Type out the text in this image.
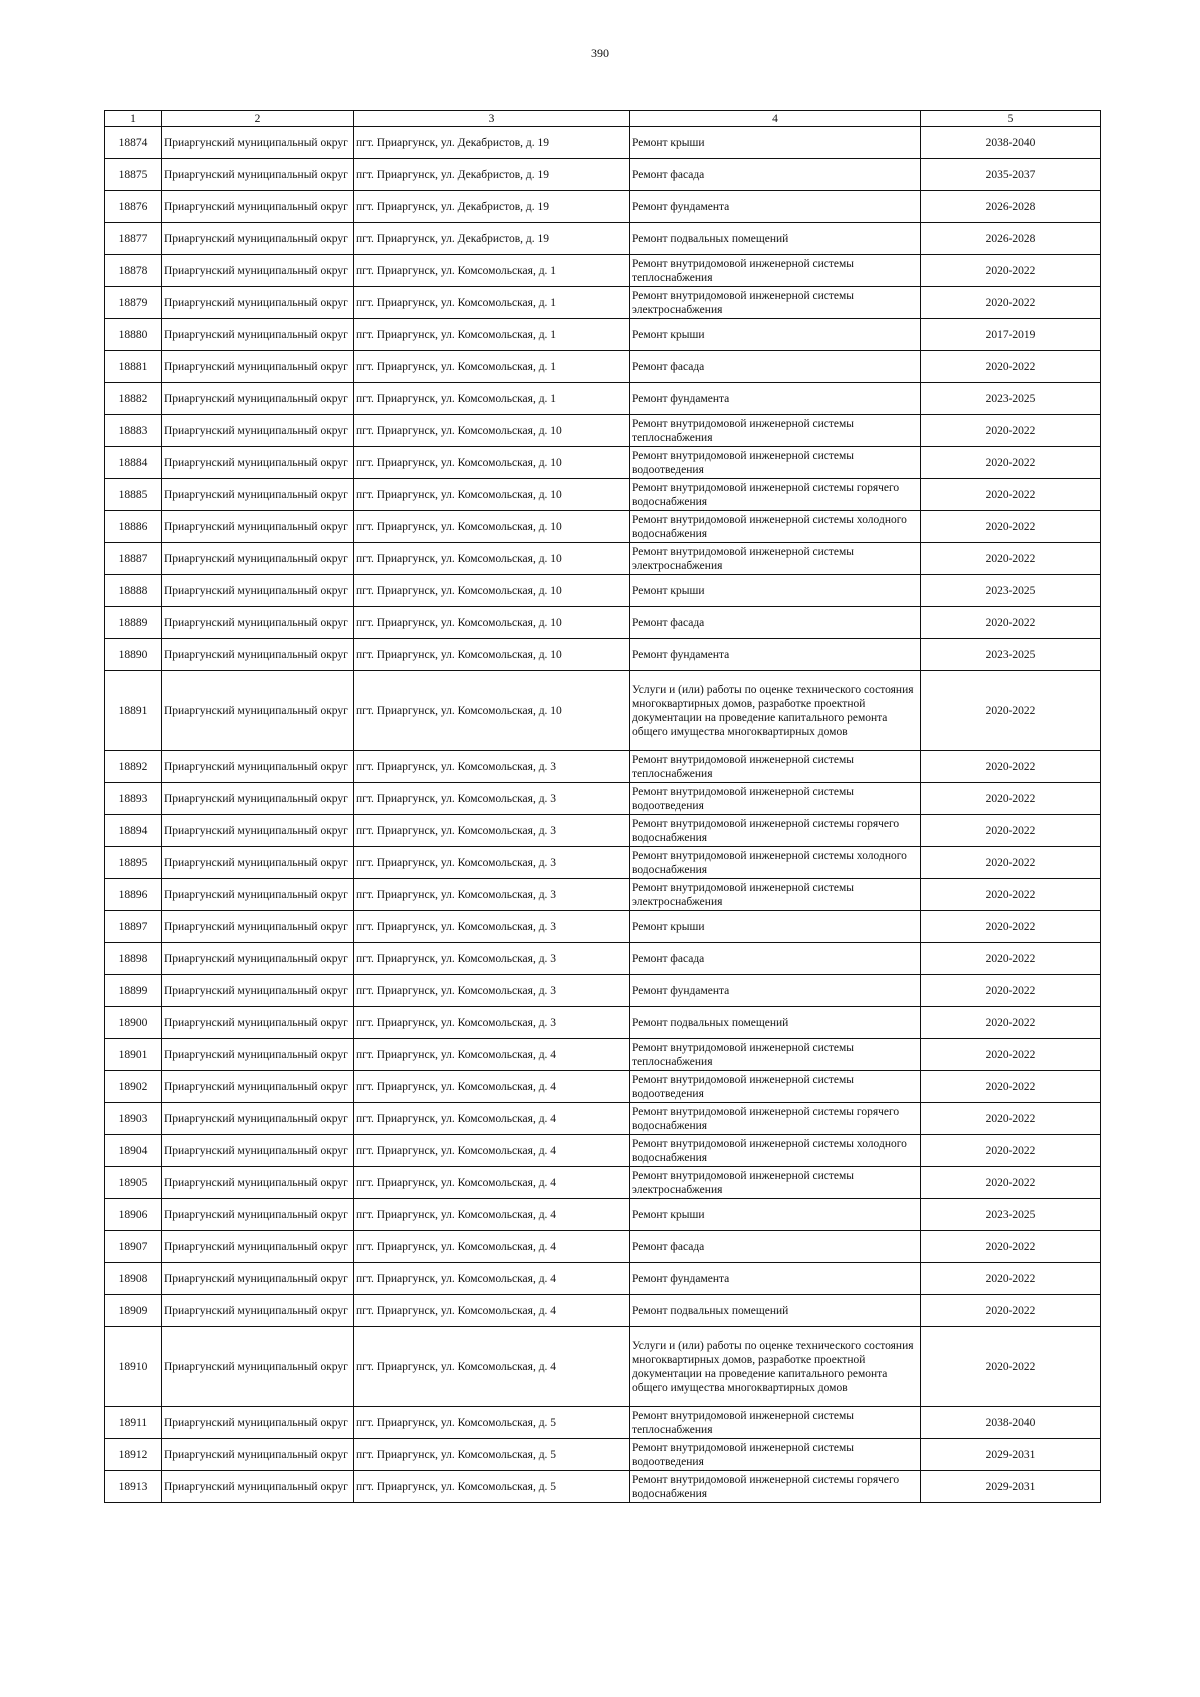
390
1	2	3	4	5
18874	Приаргунский муниципальный округ	пгт. Приаргунск, ул. Декабристов, д. 19	Ремонт крыши	2038-2040
18875	Приаргунский муниципальный округ	пгт. Приаргунск, ул. Декабристов, д. 19	Ремонт фасада	2035-2037
18876	Приаргунский муниципальный округ	пгт. Приаргунск, ул. Декабристов, д. 19	Ремонт фундамента	2026-2028
18877	Приаргунский муниципальный округ	пгт. Приаргунск, ул. Декабристов, д. 19	Ремонт подвальных помещений	2026-2028
18878	Приаргунский муниципальный округ	пгт. Приаргунск, ул. Комсомольская, д. 1	Ремонт внутридомовой инженерной системы теплоснабжения	2020-2022
18879	Приаргунский муниципальный округ	пгт. Приаргунск, ул. Комсомольская, д. 1	Ремонт внутридомовой инженерной системы электроснабжения	2020-2022
18880	Приаргунский муниципальный округ	пгт. Приаргунск, ул. Комсомольская, д. 1	Ремонт крыши	2017-2019
18881	Приаргунский муниципальный округ	пгт. Приаргунск, ул. Комсомольская, д. 1	Ремонт фасада	2020-2022
18882	Приаргунский муниципальный округ	пгт. Приаргунск, ул. Комсомольская, д. 1	Ремонт фундамента	2023-2025
18883	Приаргунский муниципальный округ	пгт. Приаргунск, ул. Комсомольская, д. 10	Ремонт внутридомовой инженерной системы теплоснабжения	2020-2022
18884	Приаргунский муниципальный округ	пгт. Приаргунск, ул. Комсомольская, д. 10	Ремонт внутридомовой инженерной системы водоотведения	2020-2022
18885	Приаргунский муниципальный округ	пгт. Приаргунск, ул. Комсомольская, д. 10	Ремонт внутридомовой инженерной системы горячего водоснабжения	2020-2022
18886	Приаргунский муниципальный округ	пгт. Приаргунск, ул. Комсомольская, д. 10	Ремонт внутридомовой инженерной системы холодного водоснабжения	2020-2022
18887	Приаргунский муниципальный округ	пгт. Приаргунск, ул. Комсомольская, д. 10	Ремонт внутридомовой инженерной системы электроснабжения	2020-2022
18888	Приаргунский муниципальный округ	пгт. Приаргунск, ул. Комсомольская, д. 10	Ремонт крыши	2023-2025
18889	Приаргунский муниципальный округ	пгт. Приаргунск, ул. Комсомольская, д. 10	Ремонт фасада	2020-2022
18890	Приаргунский муниципальный округ	пгт. Приаргунск, ул. Комсомольская, д. 10	Ремонт фундамента	2023-2025
18891	Приаргунский муниципальный округ	пгт. Приаргунск, ул. Комсомольская, д. 10	Услуги и (или) работы по оценке технического состояния многоквартирных домов, разработке проектной документации на проведение капитального ремонта общего имущества многоквартирных домов	2020-2022
18892	Приаргунский муниципальный округ	пгт. Приаргунск, ул. Комсомольская, д. 3	Ремонт внутридомовой инженерной системы теплоснабжения	2020-2022
18893	Приаргунский муниципальный округ	пгт. Приаргунск, ул. Комсомольская, д. 3	Ремонт внутридомовой инженерной системы водоотведения	2020-2022
18894	Приаргунский муниципальный округ	пгт. Приаргунск, ул. Комсомольская, д. 3	Ремонт внутридомовой инженерной системы горячего водоснабжения	2020-2022
18895	Приаргунский муниципальный округ	пгт. Приаргунск, ул. Комсомольская, д. 3	Ремонт внутридомовой инженерной системы холодного водоснабжения	2020-2022
18896	Приаргунский муниципальный округ	пгт. Приаргунск, ул. Комсомольская, д. 3	Ремонт внутридомовой инженерной системы электроснабжения	2020-2022
18897	Приаргунский муниципальный округ	пгт. Приаргунск, ул. Комсомольская, д. 3	Ремонт крыши	2020-2022
18898	Приаргунский муниципальный округ	пгт. Приаргунск, ул. Комсомольская, д. 3	Ремонт фасада	2020-2022
18899	Приаргунский муниципальный округ	пгт. Приаргунск, ул. Комсомольская, д. 3	Ремонт фундамента	2020-2022
18900	Приаргунский муниципальный округ	пгт. Приаргунск, ул. Комсомольская, д. 3	Ремонт подвальных помещений	2020-2022
18901	Приаргунский муниципальный округ	пгт. Приаргунск, ул. Комсомольская, д. 4	Ремонт внутридомовой инженерной системы теплоснабжения	2020-2022
18902	Приаргунский муниципальный округ	пгт. Приаргунск, ул. Комсомольская, д. 4	Ремонт внутридомовой инженерной системы водоотведения	2020-2022
18903	Приаргунский муниципальный округ	пгт. Приаргунск, ул. Комсомольская, д. 4	Ремонт внутридомовой инженерной системы горячего водоснабжения	2020-2022
18904	Приаргунский муниципальный округ	пгт. Приаргунск, ул. Комсомольская, д. 4	Ремонт внутридомовой инженерной системы холодного водоснабжения	2020-2022
18905	Приаргунский муниципальный округ	пгт. Приаргунск, ул. Комсомольская, д. 4	Ремонт внутридомовой инженерной системы электроснабжения	2020-2022
18906	Приаргунский муниципальный округ	пгт. Приаргунск, ул. Комсомольская, д. 4	Ремонт крыши	2023-2025
18907	Приаргунский муниципальный округ	пгт. Приаргунск, ул. Комсомольская, д. 4	Ремонт фасада	2020-2022
18908	Приаргунский муниципальный округ	пгт. Приаргунск, ул. Комсомольская, д. 4	Ремонт фундамента	2020-2022
18909	Приаргунский муниципальный округ	пгт. Приаргунск, ул. Комсомольская, д. 4	Ремонт подвальных помещений	2020-2022
18910	Приаргунский муниципальный округ	пгт. Приаргунск, ул. Комсомольская, д. 4	Услуги и (или) работы по оценке технического состояния многоквартирных домов, разработке проектной документации на проведение капитального ремонта общего имущества многоквартирных домов	2020-2022
18911	Приаргунский муниципальный округ	пгт. Приаргунск, ул. Комсомольская, д. 5	Ремонт внутридомовой инженерной системы теплоснабжения	2038-2040
18912	Приаргунский муниципальный округ	пгт. Приаргунск, ул. Комсомольская, д. 5	Ремонт внутридомовой инженерной системы водоотведения	2029-2031
18913	Приаргунский муниципальный округ	пгт. Приаргунск, ул. Комсомольская, д. 5	Ремонт внутридомовой инженерной системы горячего водоснабжения	2029-2031
